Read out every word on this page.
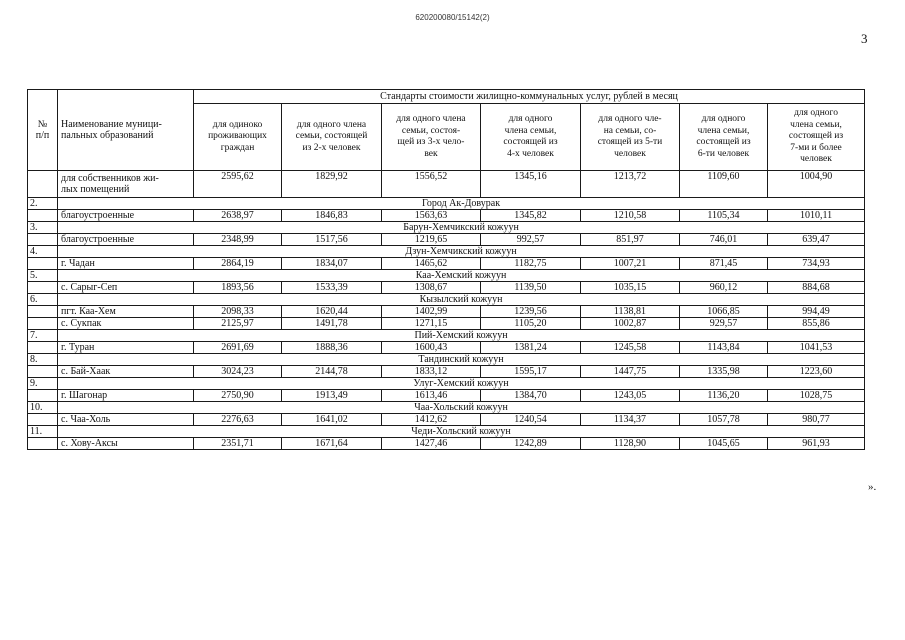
620200080/15142(2)
3
№
п/п	Наименование муници-
пальных образований	Стандарты стоимости жилищно-коммунальных услуг, рублей в месяц						
		для одиноко
проживающих
граждан	для одного члена
семьи, состоящей
из 2-х человек	для одного члена
семьи, состоя-
щей из 3-х чело-
век	для одного
члена семьи,
состоящей из
4-х человек	для одного чле-
на семьи, со-
стоящей из 5-ти
человек	для одного
члена семьи,
состоящей из
6-ти человек	для одного
члена семьи,
состоящей из
7-ми и более
человек
	для собственников жи-
лых помещений	2595,62	1829,92	1556,52	1345,16	1213,72	1109,60	1004,90
2.	Город Ак-Довурак							
	благоустроенные	2638,97	1846,83	1563,63	1345,82	1210,58	1105,34	1010,11
3.	Барун-Хемчикский кожуун							
	благоустроенные	2348,99	1517,56	1219,65	992,57	851,97	746,01	639,47
4.	Дзун-Хемчикский кожуун							
	г. Чадан	2864,19	1834,07	1465,62	1182,75	1007,21	871,45	734,93
5.	Каа-Хемский кожуун							
	с. Сарыг-Сеп	1893,56	1533,39	1308,67	1139,50	1035,15	960,12	884,68
6.	Кызылский кожуун							
	пгт. Каа-Хем	2098,33	1620,44	1402,99	1239,56	1138,81	1066,85	994,49
	с. Сукпак	2125,97	1491,78	1271,15	1105,20	1002,87	929,57	855,86
7.	Пий-Хемский кожуун							
	г. Туран	2691,69	1888,36	1600,43	1381,24	1245,58	1143,84	1041,53
8.	Тандинский кожуун							
	с. Бай-Хаак	3024,23	2144,78	1833,12	1595,17	1447,75	1335,98	1223,60
9.	Улуг-Хемский кожуун							
	г. Шагонар	2750,90	1913,49	1613,46	1384,70	1243,05	1136,20	1028,75
10.	Чаа-Хольский кожуун							
	с. Чаа-Холь	2276,63	1641,02	1412,62	1240,54	1134,37	1057,78	980,77
11.	Чеди-Хольский кожуун							
	с. Хову-Аксы	2351,71	1671,64	1427,46	1242,89	1128,90	1045,65	961,93
».
